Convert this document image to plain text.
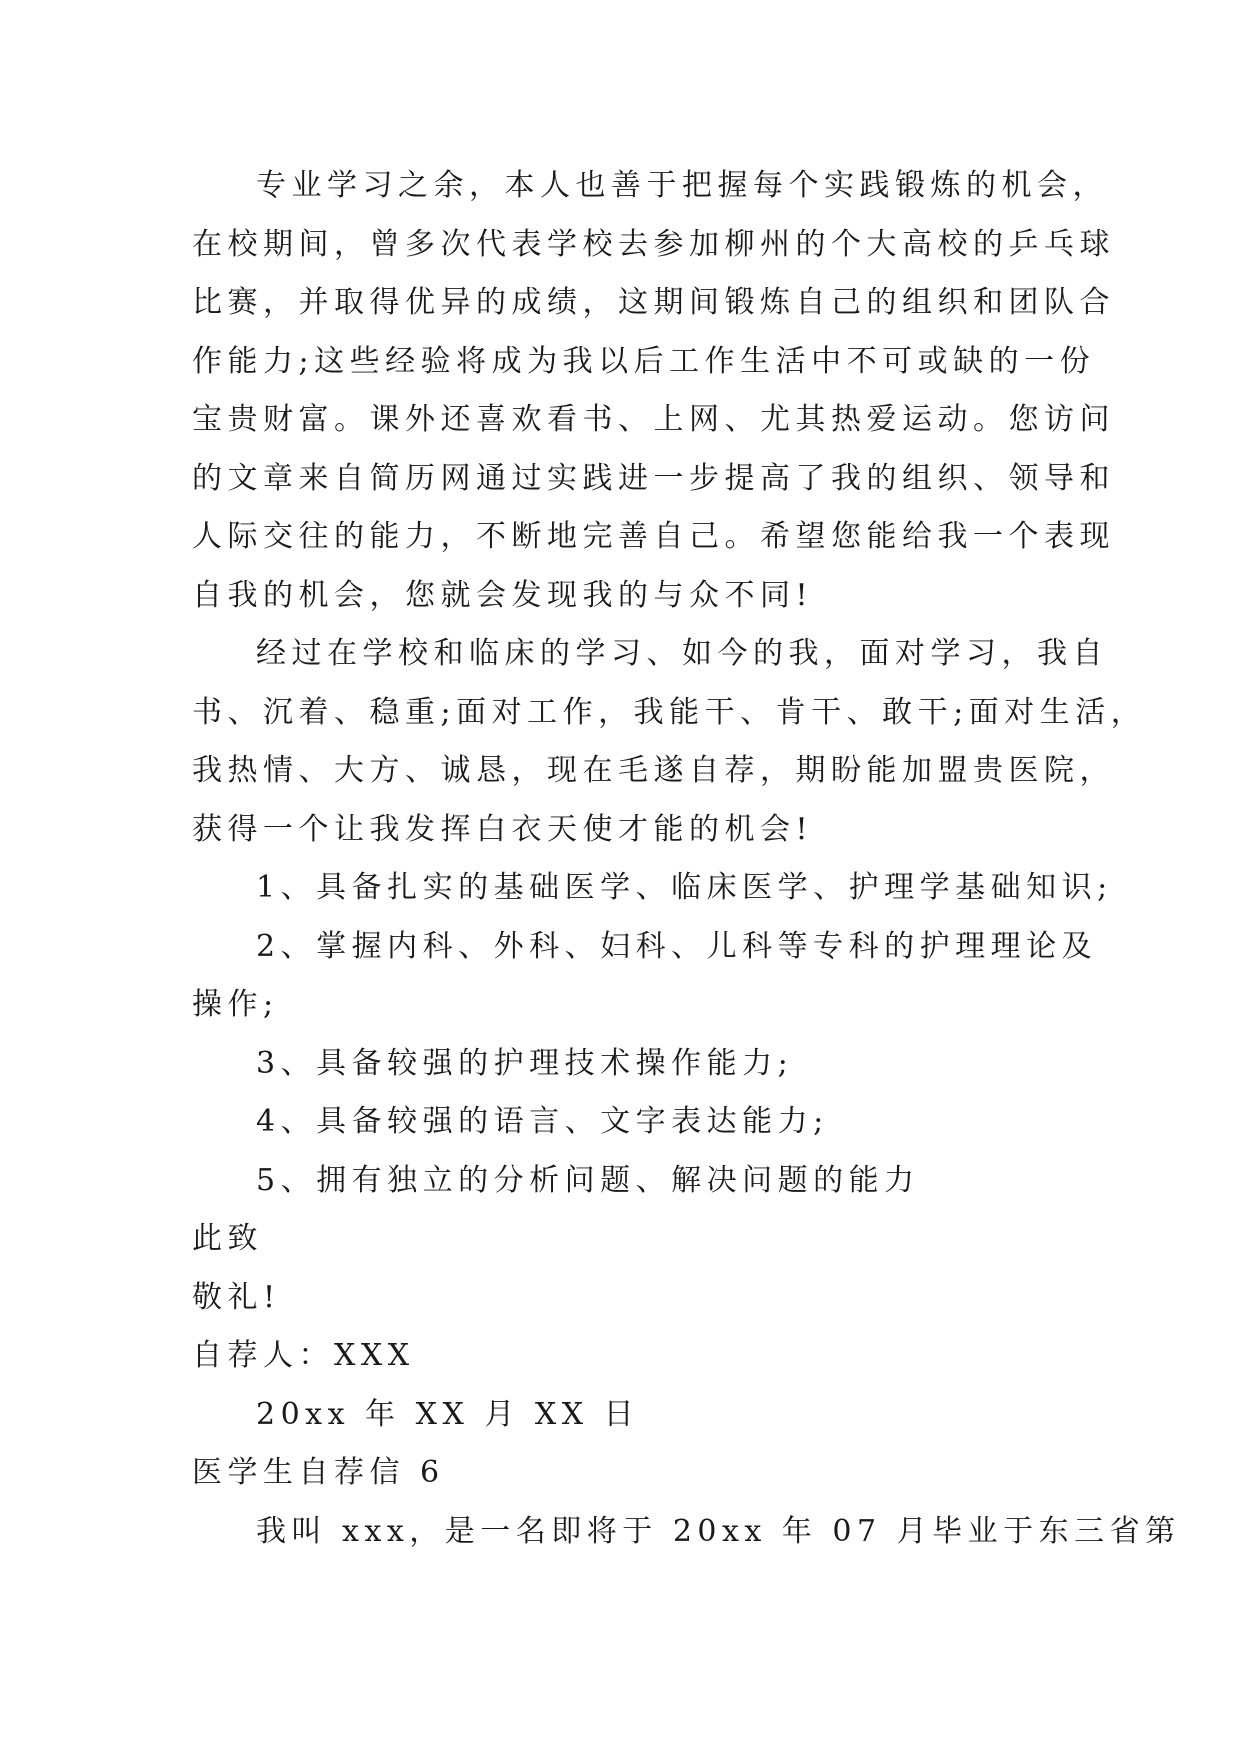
专业学习之余，本人也善于把握每个实践锻炼的机会，
在校期间，曾多次代表学校去参加柳州的个大高校的乒乓球
比赛，并取得优异的成绩，这期间锻炼自己的组织和团队合
作能力;这些经验将成为我以后工作生活中不可或缺的一份
宝贵财富。课外还喜欢看书、上网、尤其热爱运动。您访问
的文章来自简历网通过实践进一步提高了我的组织、领导和
人际交往的能力，不断地完善自己。希望您能给我一个表现
自我的机会，您就会发现我的与众不同!
经过在学校和临床的学习、如今的我，面对学习，我自
书、沉着、稳重;面对工作，我能干、肯干、敢干;面对生活，
我热情、大方、诚恳，现在毛遂自荐，期盼能加盟贵医院，
获得一个让我发挥白衣天使才能的机会!
1、具备扎实的基础医学、临床医学、护理学基础知识;
2、掌握内科、外科、妇科、儿科等专科的护理理论及
操作;
3、具备较强的护理技术操作能力;
4、具备较强的语言、文字表达能力;
5、拥有独立的分析问题、解决问题的能力
此致
敬礼!
自荐人：XXX
20xx 年 XX 月 XX 日
医学生自荐信 6
我叫 xxx，是一名即将于 20xx 年 07 月毕业于东三省第
